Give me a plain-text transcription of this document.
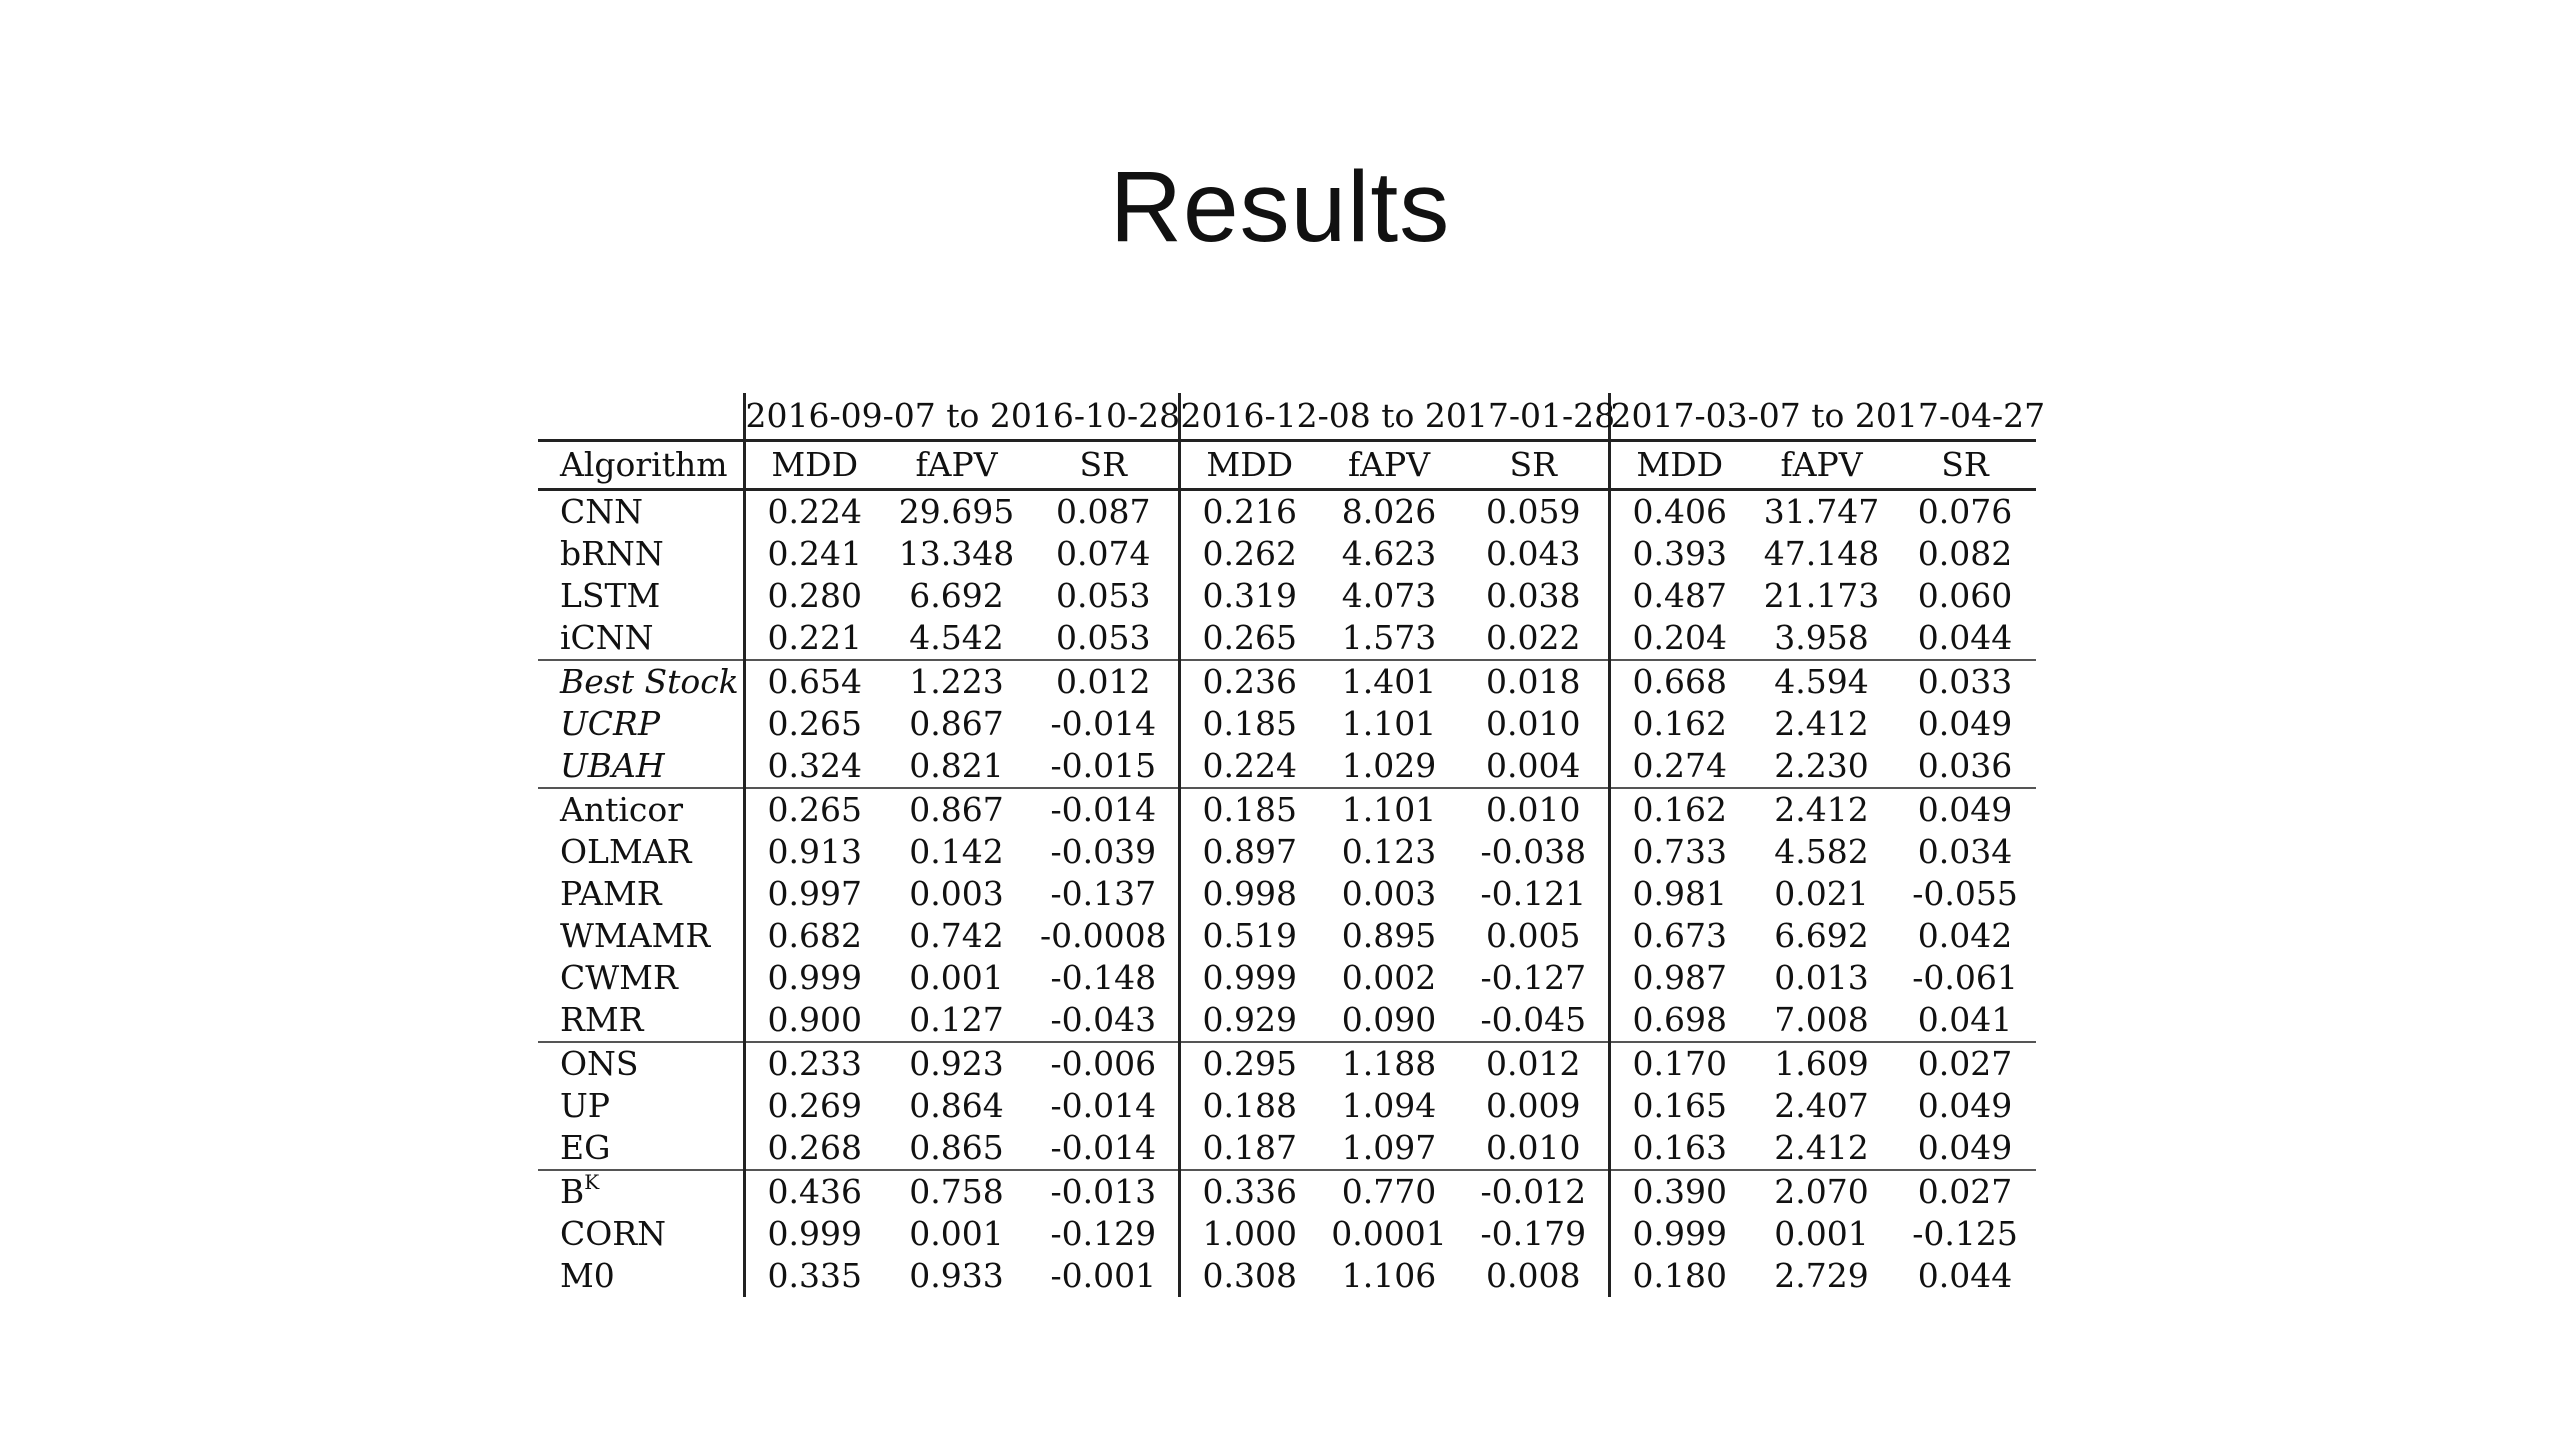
Results
	2016-09-07 to 2016-10-28			2016-12-08 to 2017-01-28			2017-03-07 to 2017-04-27		
Algorithm	MDD	fAPV	SR	MDD	fAPV	SR	MDD	fAPV	SR
CNN	0.224	29.695	0.087	0.216	8.026	0.059	0.406	31.747	0.076
bRNN	0.241	13.348	0.074	0.262	4.623	0.043	0.393	47.148	0.082
LSTM	0.280	6.692	0.053	0.319	4.073	0.038	0.487	21.173	0.060
iCNN	0.221	4.542	0.053	0.265	1.573	0.022	0.204	3.958	0.044
Best Stock	0.654	1.223	0.012	0.236	1.401	0.018	0.668	4.594	0.033
UCRP	0.265	0.867	-0.014	0.185	1.101	0.010	0.162	2.412	0.049
UBAH	0.324	0.821	-0.015	0.224	1.029	0.004	0.274	2.230	0.036
Anticor	0.265	0.867	-0.014	0.185	1.101	0.010	0.162	2.412	0.049
OLMAR	0.913	0.142	-0.039	0.897	0.123	-0.038	0.733	4.582	0.034
PAMR	0.997	0.003	-0.137	0.998	0.003	-0.121	0.981	0.021	-0.055
WMAMR	0.682	0.742	-0.0008	0.519	0.895	0.005	0.673	6.692	0.042
CWMR	0.999	0.001	-0.148	0.999	0.002	-0.127	0.987	0.013	-0.061
RMR	0.900	0.127	-0.043	0.929	0.090	-0.045	0.698	7.008	0.041
ONS	0.233	0.923	-0.006	0.295	1.188	0.012	0.170	1.609	0.027
UP	0.269	0.864	-0.014	0.188	1.094	0.009	0.165	2.407	0.049
EG	0.268	0.865	-0.014	0.187	1.097	0.010	0.163	2.412	0.049
$B^K$	0.436	0.758	-0.013	0.336	0.770	-0.012	0.390	2.070	0.027
CORN	0.999	0.001	-0.129	1.000	0.0001	-0.179	0.999	0.001	-0.125
M0	0.335	0.933	-0.001	0.308	1.106	0.008	0.180	2.729	0.044
